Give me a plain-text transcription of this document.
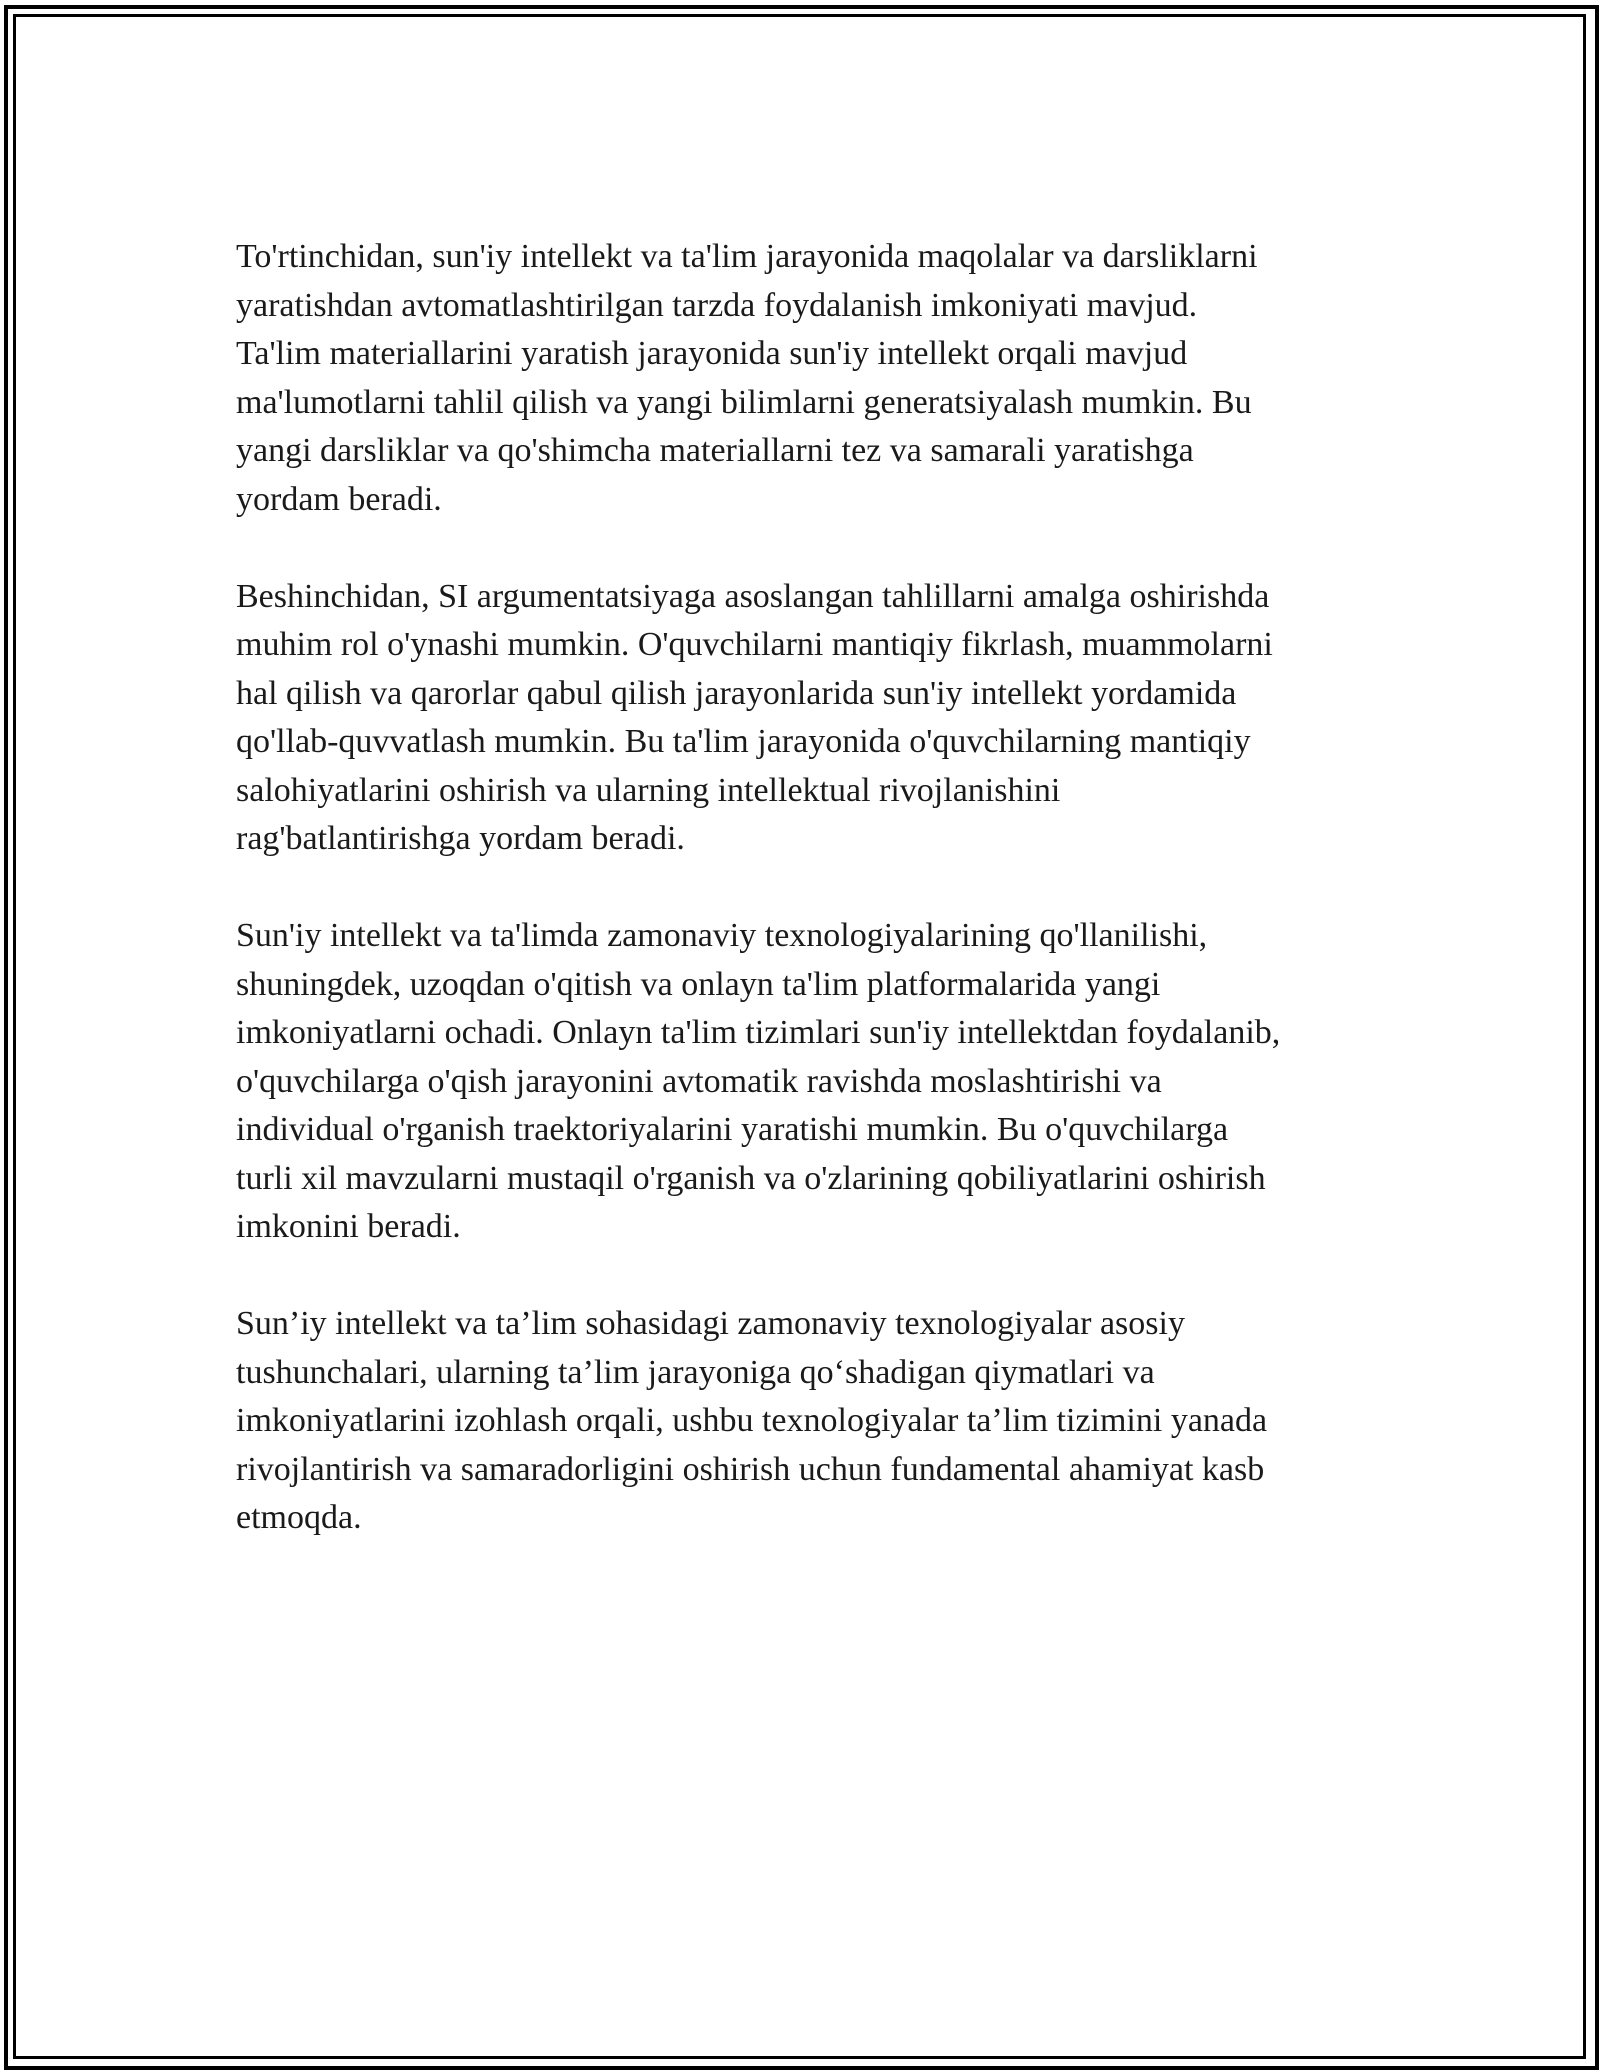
To'rtinchidan, sun'iy intellekt va ta'lim jarayonida maqolalar va darsliklarni
yaratishdan avtomatlashtirilgan tarzda foydalanish imkoniyati mavjud.
Ta'lim materiallarini yaratish jarayonida sun'iy intellekt orqali mavjud
ma'lumotlarni tahlil qilish va yangi bilimlarni generatsiyalash mumkin. Bu
yangi darsliklar va qo'shimcha materiallarni tez va samarali yaratishga
yordam beradi.

Beshinchidan, SI argumentatsiyaga asoslangan tahlillarni amalga oshirishda
muhim rol o'ynashi mumkin. O'quvchilarni mantiqiy fikrlash, muammolarni
hal qilish va qarorlar qabul qilish jarayonlarida sun'iy intellekt yordamida
qo'llab-quvvatlash mumkin. Bu ta'lim jarayonida o'quvchilarning mantiqiy
salohiyatlarini oshirish va ularning intellektual rivojlanishini
rag'batlantirishga yordam beradi.

Sun'iy intellekt va ta'limda zamonaviy texnologiyalarining qo'llanilishi,
shuningdek, uzoqdan o'qitish va onlayn ta'lim platformalarida yangi
imkoniyatlarni ochadi. Onlayn ta'lim tizimlari sun'iy intellektdan foydalanib,
o'quvchilarga o'qish jarayonini avtomatik ravishda moslashtirishi va
individual o'rganish traektoriyalarini yaratishi mumkin. Bu o'quvchilarga
turli xil mavzularni mustaqil o'rganish va o'zlarining qobiliyatlarini oshirish
imkonini beradi.

Sun’iy intellekt va ta’lim sohasidagi zamonaviy texnologiyalar asosiy
tushunchalari, ularning ta’lim jarayoniga qo‘shadigan qiymatlari va
imkoniyatlarini izohlash orqali, ushbu texnologiyalar ta’lim tizimini yanada
rivojlantirish va samaradorligini oshirish uchun fundamental ahamiyat kasb
etmoqda.
